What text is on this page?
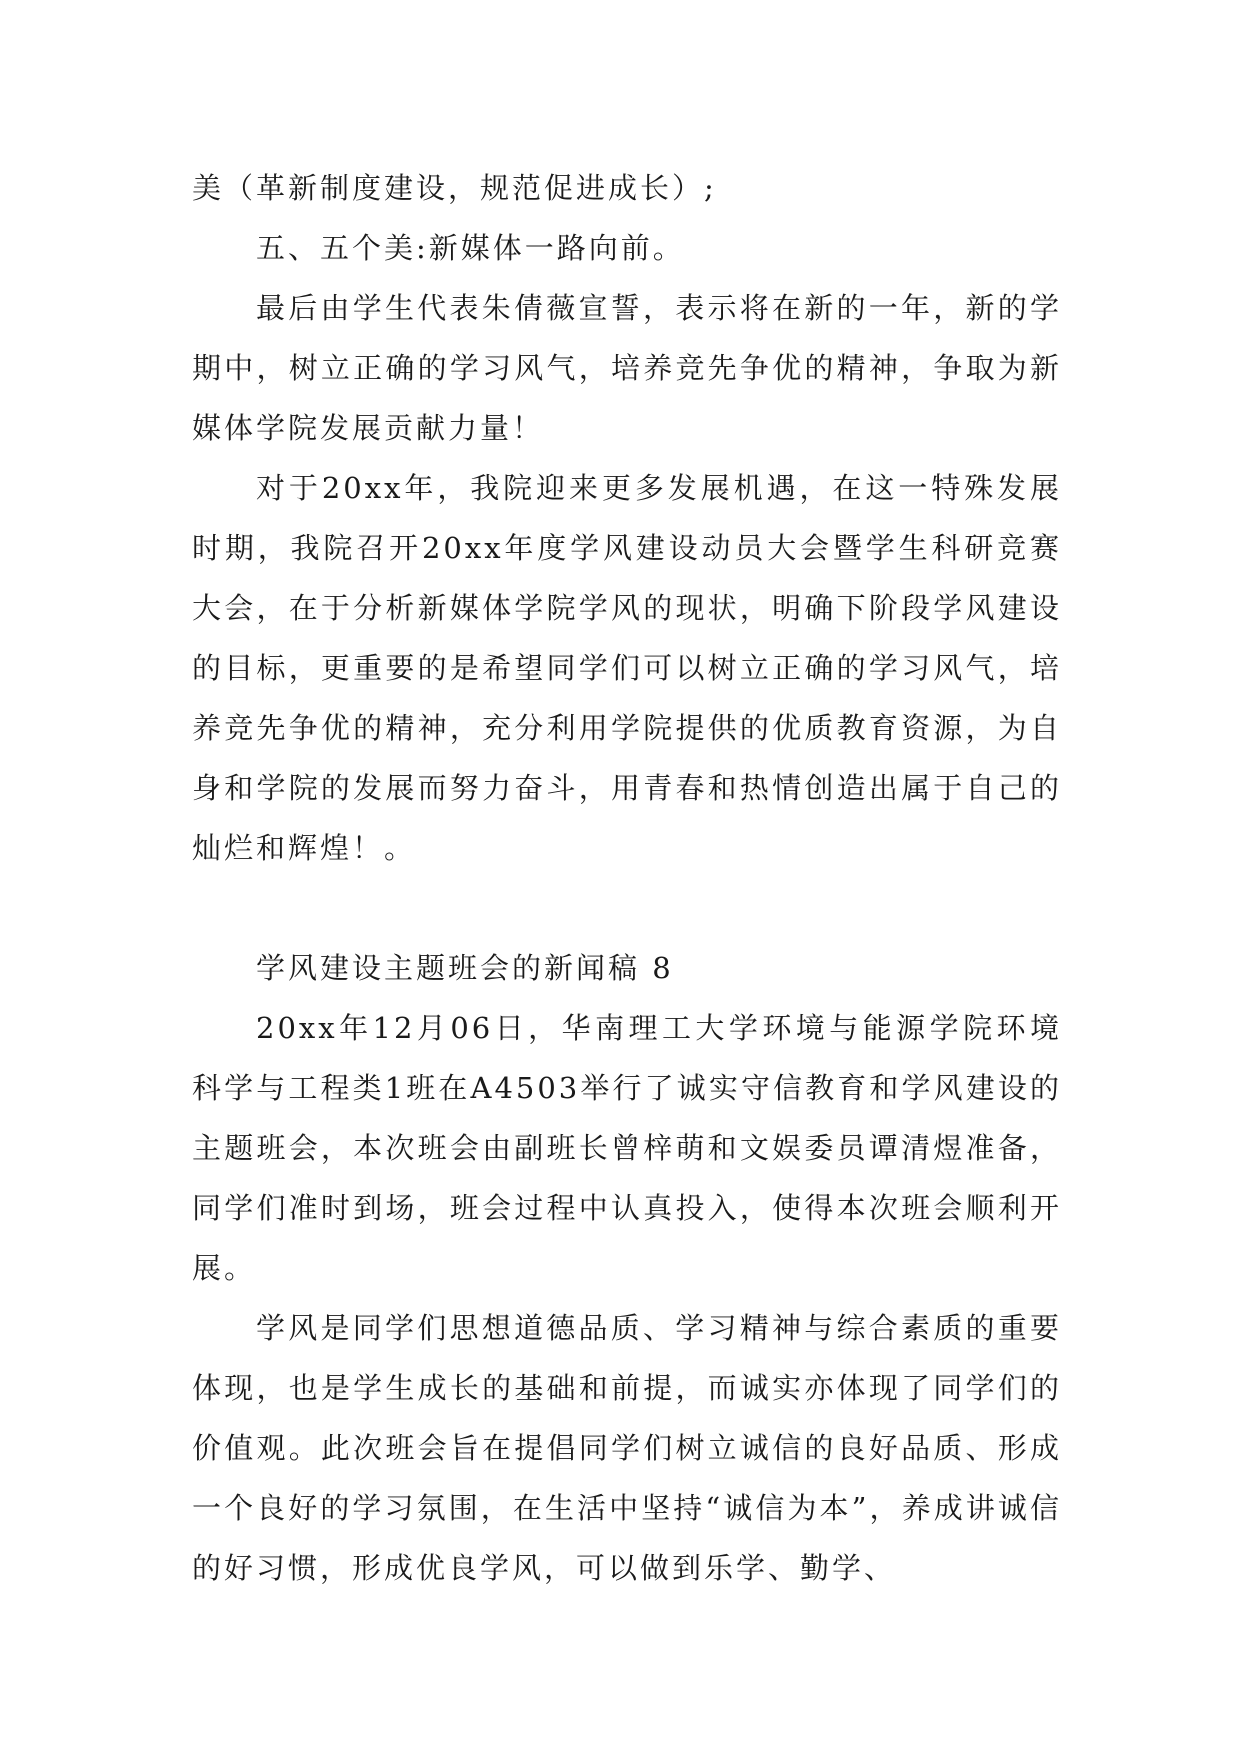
美（革新制度建设，规范促进成长）;

五、五个美:新媒体一路向前。

最后由学生代表朱倩薇宣誓，表示将在新的一年，新的学期中，树立正确的学习风气，培养竞先争优的精神，争取为新媒体学院发展贡献力量！

对于20xx年，我院迎来更多发展机遇，在这一特殊发展时期，我院召开20xx年度学风建设动员大会暨学生科研竞赛大会，在于分析新媒体学院学风的现状，明确下阶段学风建设的目标，更重要的是希望同学们可以树立正确的学习风气，培养竞先争优的精神，充分利用学院提供的优质教育资源，为自身和学院的发展而努力奋斗，用青春和热情创造出属于自己的灿烂和辉煌！。

学风建设主题班会的新闻稿 8

20xx年12月06日，华南理工大学环境与能源学院环境科学与工程类1班在A4503举行了诚实守信教育和学风建设的主题班会，本次班会由副班长曾梓萌和文娱委员谭清煜准备，同学们准时到场，班会过程中认真投入，使得本次班会顺利开展。

学风是同学们思想道德品质、学习精神与综合素质的重要体现，也是学生成长的基础和前提，而诚实亦体现了同学们的价值观。此次班会旨在提倡同学们树立诚信的良好品质、形成一个良好的学习氛围，在生活中坚持“诚信为本”，养成讲诚信的好习惯，形成优良学风，可以做到乐学、勤学、
